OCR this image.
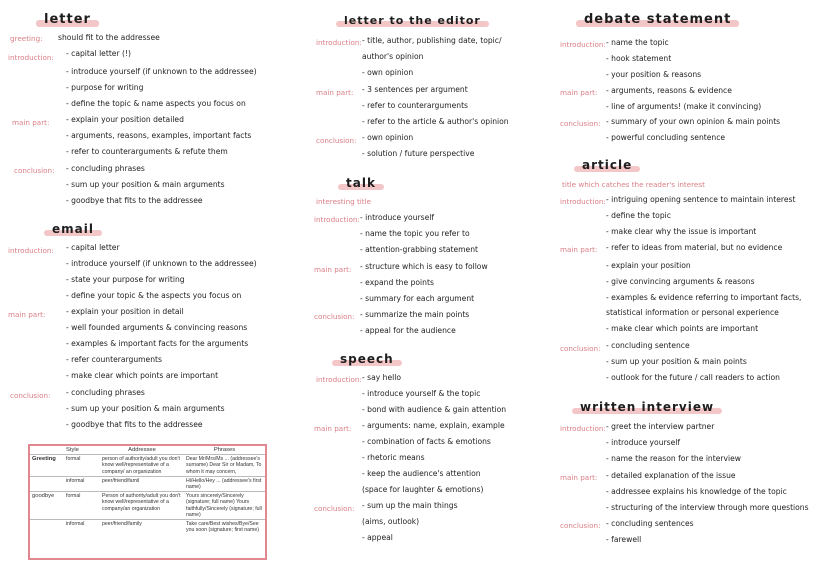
letter
greeting: should fit to the addressee
introduction: - capital letter (!)
- introduce yourself (if unknown to the addressee)
- purpose for writing
- define the topic & name aspects you focus on
main part: - explain your position detailed
- arguments, reasons, examples, important facts
- refer to counterarguments & refute them
conclusion: - concluding phrases
- sum up your position & main arguments
- goodbye that fits to the addressee
email
introduction: - capital letter
- introduce yourself (if unknown to the addressee)
- state your purpose for writing
- define your topic & the aspects you focus on
main part:	- explain your position in detail
- well founded arguments & convincing reasons
- examples & important facts for the arguments
- refer counterarguments
- make clear which points are important
conclusion: - concluding phrases
- sum up your position & main arguments
- goodbye that fits to the addressee
	Style	Addressee	Phrases
Greeting	formal	person of authority/adult you don't know well/representative of a company/ an organization	Dear Mr/Mrs/Ms ... (addressee's surname) Dear Sir or Madam, To whom it may concern,
	informal	peer/friend/famil	Hi/Hello/Hey ... (addressee's first name)
goodbye	formal	Person of authority/adult you don't know well/representative of a company/an organization	Yours sincerely/Sincerely (signature; full name) Yours faithfully/Sincerely (signature; full name)
	informal	peer/friend/family	Take care/Best wishes/Bye/See you soon (signature; first name)
letter to the editor
introduction: - title, author, publishing date, topic/
author's opinion
- own opinion
main part: - 3 sentences per argument
- refer to counterarguments
- refer to the article & author's opinion
conclusion: - own opinion
- solution / future perspective
talk
interesting title
introduction: - introduce yourself
- name the topic you refer to
- attention-grabbing statement
main part: - structure which is easy to follow
- expand the points
- summary for each argument
conclusion: - summarize the main points
- appeal for the audience
speech
introduction: - say hello
- introduce yourself & the topic
- bond with audience & gain attention
main part: - arguments: name, explain, example
- combination of facts & emotions
- rhetoric means
- keep the audience's attention
(space for laughter & emotions)
conclusion: - sum up the main things
(aims, outlook)
- appeal
debate statement
introduction: - name the topic
- hook statement
- your position & reasons
main part: - arguments, reasons & evidence
- line of arguments! (make it convincing)
conclusion: - summary of your own opinion & main points
- powerful concluding sentence
article
title which catches the reader's interest
introduction: - intriguing opening sentence to maintain interest
- define the topic
- make clear why the issue is important
main part: - refer to ideas from material, but no evidence
- explain your position
- give convincing arguments & reasons
- examples & evidence referring to important facts,
statistical information or personal experience
- make clear which points are important
conclusion: - concluding sentence
- sum up your position & main points
- outlook for the future / call readers to action
written interview
introduction: - greet the interview partner
- introduce yourself
- name the reason for the interview
main part: - detailed explanation of the issue
- addressee explains his knowledge of the topic
- structuring of the interview through more questions
conclusion: - concluding sentences
- farewell
